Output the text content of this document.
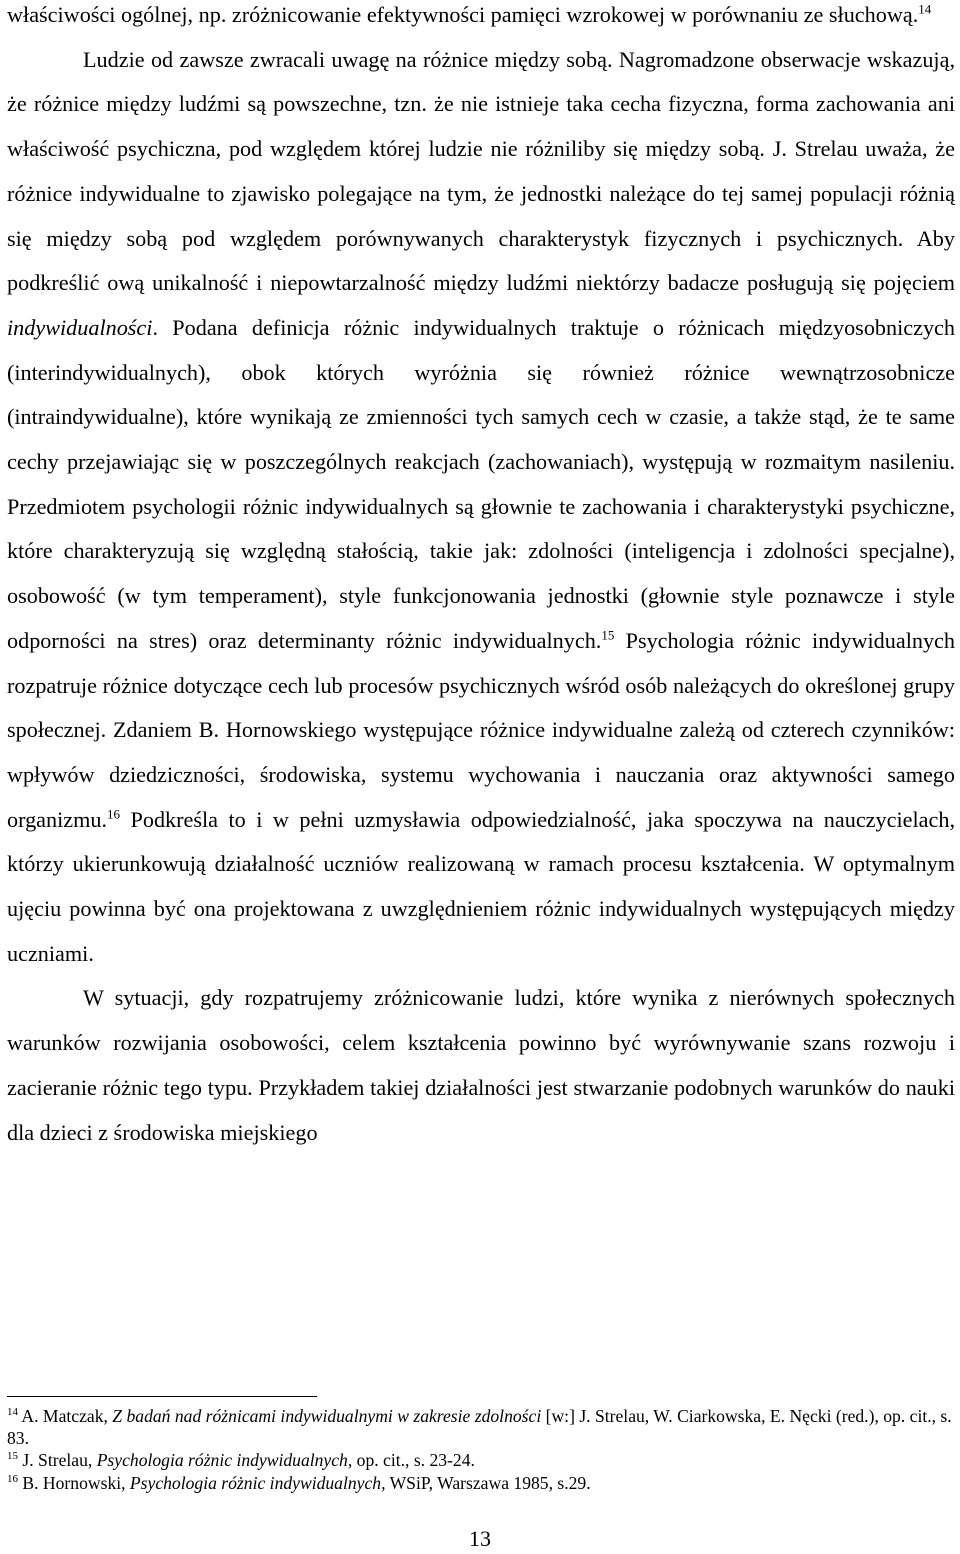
właściwości ogólnej, np. zróżnicowanie efektywności pamięci wzrokowej w porównaniu ze słuchową.$^{14}$

Ludzie od zawsze zwracali uwagę na różnice między sobą. Nagromadzone obserwacje wskazują, że różnice między ludźmi są powszechne, tzn. że nie istnieje taka cecha fizyczna, forma zachowania ani właściwość psychiczna, pod względem której ludzie nie różniliby się między sobą. J. Strelau uważa, że różnice indywidualne to zjawisko polegające na tym, że jednostki należące do tej samej populacji różnią się między sobą pod względem porównywanych charakterystyk fizycznych i psychicznych. Aby podkreślić ową unikalność i niepowtarzalność między ludźmi niektórzy badacze posługują się pojęciem indywidualności. Podana definicja różnic indywidualnych traktuje o różnicach międzyosobniczych (interindywidualnych), obok których wyróżnia się również różnice wewnątrzosobnicze (intraindywidualne), które wynikają ze zmienności tych samych cech w czasie, a także stąd, że te same cechy przejawiając się w poszczególnych reakcjach (zachowaniach), występują w rozmaitym nasileniu. Przedmiotem psychologii różnic indywidualnych są głownie te zachowania i charakterystyki psychiczne, które charakteryzują się względną stałością, takie jak: zdolności (inteligencja i zdolności specjalne), osobowość (w tym temperament), style funkcjonowania jednostki (głownie style poznawcze i style odporności na stres) oraz determinanty różnic indywidualnych.$^{15}$ Psychologia różnic indywidualnych rozpatruje różnice dotyczące cech lub procesów psychicznych wśród osób należących do określonej grupy społecznej. Zdaniem B. Hornowskiego występujące różnice indywidualne zależą od czterech czynników: wpływów dziedziczności, środowiska, systemu wychowania i nauczania oraz aktywności samego organizmu.$^{16}$ Podkreśla to i w pełni uzmysławia odpowiedzialność, jaka spoczywa na nauczycielach, którzy ukierunkowują działalność uczniów realizowaną w ramach procesu kształcenia. W optymalnym ujęciu powinna być ona projektowana z uwzględnieniem różnic indywidualnych występujących między uczniami.

W sytuacji, gdy rozpatrujemy zróżnicowanie ludzi, które wynika z nierównych społecznych warunków rozwijania osobowości, celem kształcenia powinno być wyrównywanie szans rozwoju i zacieranie różnic tego typu. Przykładem takiej działalności jest stwarzanie podobnych warunków do nauki dla dzieci z środowiska miejskiego

$^{14}$ A. Matczak, Z badań nad różnicami indywidualnymi w zakresie zdolności [w:] J. Strelau, W. Ciarkowska, E. Nęcki (red.), op. cit., s. 83.
$^{15}$ J. Strelau, Psychologia różnic indywidualnych, op. cit., s. 23-24.
$^{16}$ B. Hornowski, Psychologia różnic indywidualnych, WSiP, Warszawa 1985, s.29.
13
